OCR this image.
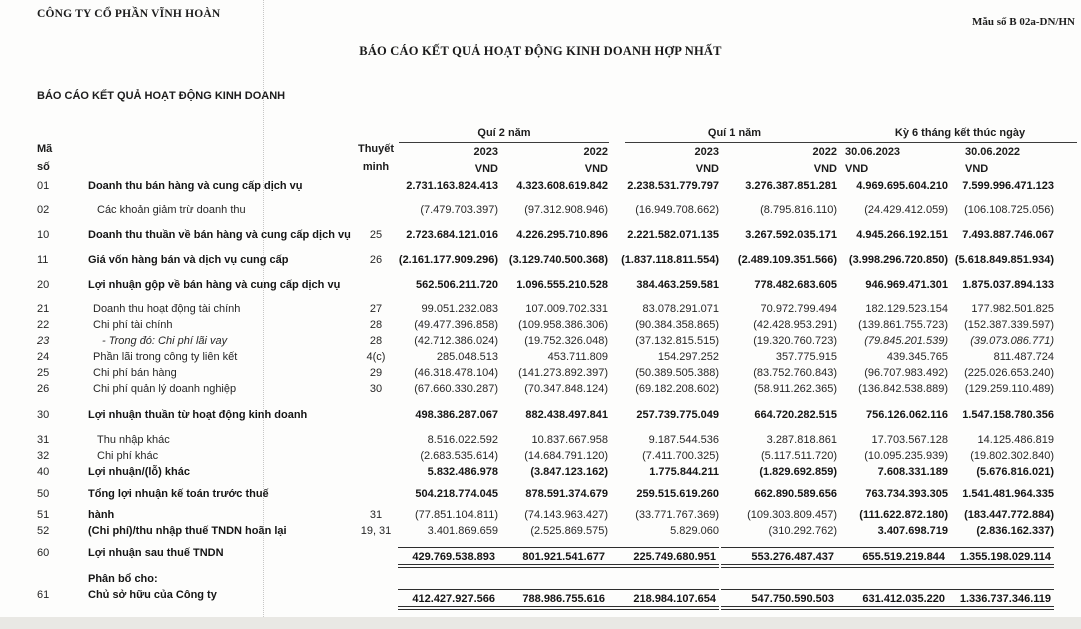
CÔNG TY CỔ PHẦN VĨNH HOÀN
Mẫu số B 02a-DN/HN
BÁO CÁO KẾT QUẢ HOẠT ĐỘNG KINH DOANH HỢP NHẤT
BÁO CÁO KẾT QUẢ HOẠT ĐỘNG KINH DOANH
Mã
số
Thuyết
minh
Quí 2 năm	Quí 1 năm	Kỳ 6 tháng kết thúc ngày
2023	2022	2023	2022 30.06.2023	30.06.2022
VND	VND	VND	VND VND	VND
01	Doanh thu bán hàng và cung cấp dịch vụ	2.731.163.824.413 4.323.608.619.842 2.238.531.779.797 3.276.387.851.281 4.969.695.604.210 7.599.996.471.123
02	Các khoản giảm trừ doanh thu	(7.479.703.397) (97.312.908.946) (16.949.708.662)	(8.795.816.110) (24.429.412.059) (106.108.725.056)
10	Doanh thu thuần về bán hàng và cung cấp dịch vụ	25	2.723.684.121.016 4.226.295.710.896 2.221.582.071.135 3.267.592.035.171 4.945.266.192.151 7.493.887.746.067
11	Giá vốn hàng bán và dịch vụ cung cấp	26	(2.161.177.909.296) (3.129.740.500.368) (1.837.118.811.554) (2.489.109.351.566) (3.998.296.720.850) (5.618.849.851.934)
20	Lợi nhuận gộp về bán hàng và cung cấp dịch vụ	562.506.211.720 1.096.555.210.528	384.463.259.581	778.482.683.605	946.969.471.301 1.875.037.894.133
21	Doanh thu hoạt động tài chính	27	99.051.232.083 107.009.702.331	83.078.291.071	70.972.799.494	182.129.523.154 177.982.501.825
22	Chi phí tài chính	28	(49.477.396.858) (109.958.386.306) (90.384.358.865)	(42.428.953.291) (139.861.755.723) (152.387.339.597)
23	- Trong đó: Chi phí lãi vay	28	(42.712.386.024) (19.752.326.048) (37.132.815.515)	(19.320.760.723) (79.845.201.539) (39.073.086.771)
24	Phần lãi trong công ty liên kết	4(c)	285.048.513	453.711.809	154.297.252	357.775.915	439.345.765	811.487.724
25	Chi phí bán hàng	29	(46.318.478.104) (141.273.892.397) (50.389.505.388)	(83.752.760.843) (96.707.983.492) (225.026.653.240)
26	Chi phí quản lý doanh nghiệp	30	(67.660.330.287) (70.347.848.124) (69.182.208.602)	(58.911.262.365) (136.842.538.889) (129.259.110.489)
30	Lợi nhuận thuần từ hoạt động kinh doanh	498.386.287.067 882.438.497.841	257.739.775.049	664.720.282.515	756.126.062.116 1.547.158.780.356
31	Thu nhập khác	8.516.022.592	10.837.667.958	9.187.544.536	3.287.818.861	17.703.567.128	14.125.486.819
32	Chi phí khác	(2.683.535.614) (14.684.791.120)	(7.411.700.325)	(5.117.511.720) (10.095.235.939) (19.802.302.840)
40	Lợi nhuận/(lỗ) khác	5.832.486.978	(3.847.123.162)	1.775.844.211	(1.829.692.859)	7.608.331.189	(5.676.816.021)
50	Tổng lợi nhuận kế toán trước thuế	504.218.774.045 878.591.374.679	259.515.619.260	662.890.589.656	763.734.393.305 1.541.481.964.335
51	hành	31	(77.851.104.811) (74.143.963.427) (33.771.767.369)	(109.303.809.457) (111.622.872.180) (183.447.772.884)
52	(Chi phí)/thu nhập thuế TNDN hoãn lại	19, 31	3.401.869.659	(2.525.869.575)	5.829.060	(310.292.762)	3.407.698.719	(2.836.162.337)
60	Lợi nhuận sau thuế TNDN	429.769.538.893	801.921.541.677	225.749.680.951	553.276.487.437	655.519.219.844	1.355.198.029.114
Phân bổ cho:
61	Chủ sở hữu của Công ty	412.427.927.566	788.986.755.616	218.984.107.654	547.750.590.503	631.412.035.220	1.336.737.346.119
